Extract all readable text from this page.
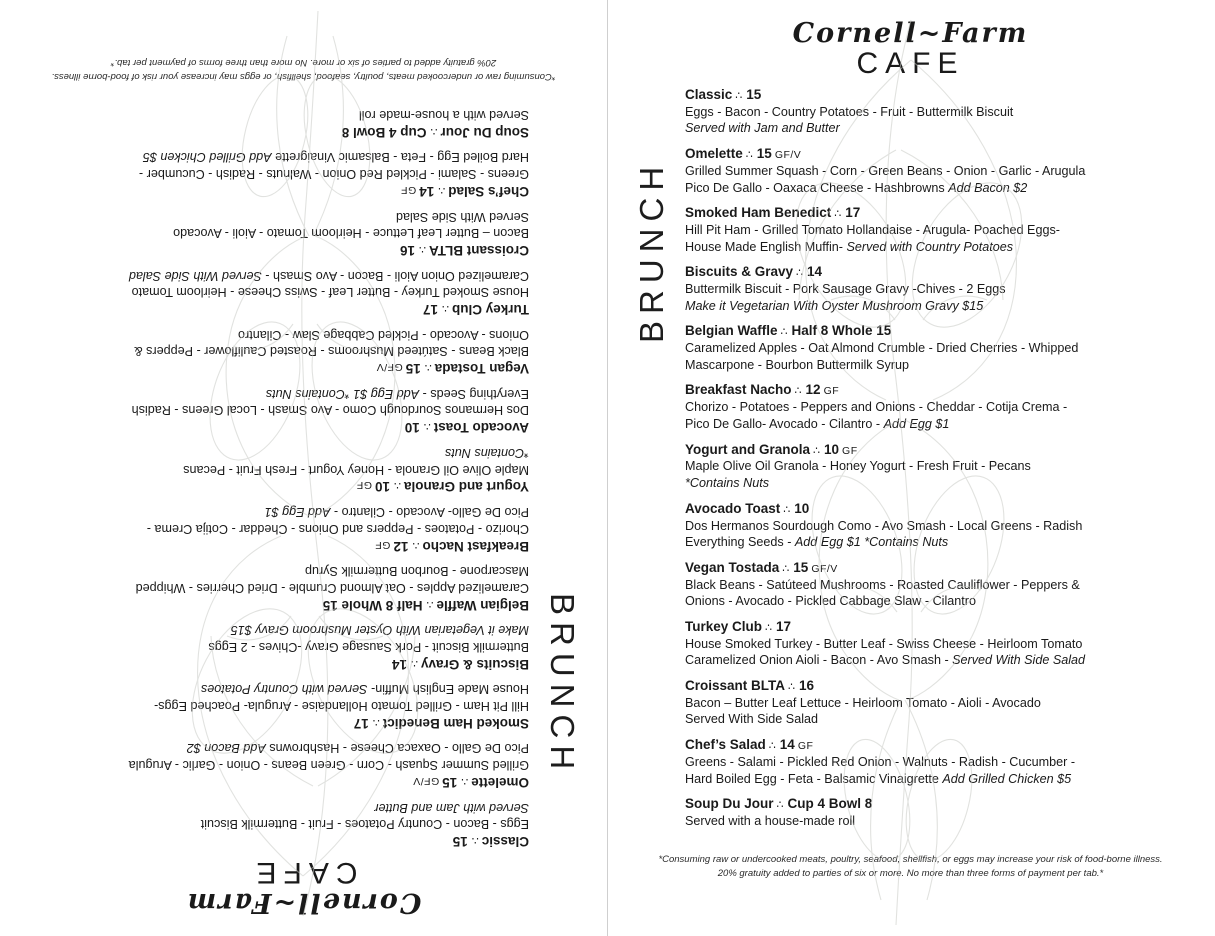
Cornell~Farm
CAFE
BRUNCH
Classic∴15
Eggs - Bacon - Country Potatoes - Fruit - Buttermilk Biscuit
Served with Jam and Butter
Omelette∴15GF/V
Grilled Summer Squash - Corn - Green Beans - Onion - Garlic - Arugula
Pico De Gallo - Oaxaca Cheese - Hashbrowns Add Bacon $2
Smoked Ham Benedict∴17
Hill Pit Ham - Grilled Tomato Hollandaise - Arugula- Poached Eggs-
House Made English Muffin- Served with Country Potatoes
Biscuits & Gravy∴14
Buttermilk Biscuit - Pork Sausage Gravy -Chives - 2 Eggs
Make it Vegetarian With Oyster Mushroom Gravy $15
Belgian Waffle∴Half 8 Whole 15
Caramelized Apples - Oat Almond Crumble - Dried Cherries - Whipped
Mascarpone - Bourbon Buttermilk Syrup
Breakfast Nacho∴12GF
Chorizo - Potatoes - Peppers and Onions - Cheddar - Cotija Crema -
Pico De Gallo- Avocado - Cilantro - Add Egg $1
Yogurt and Granola∴10GF
Maple Olive Oil Granola - Honey Yogurt - Fresh Fruit - Pecans
*Contains Nuts
Avocado Toast∴10
Dos Hermanos Sourdough Como - Avo Smash - Local Greens - Radish
Everything Seeds - Add Egg $1 *Contains Nuts
Vegan Tostada∴15GF/V
Black Beans - Satúteed Mushrooms - Roasted Cauliflower - Peppers &
Onions - Avocado - Pickled Cabbage Slaw - Cilantro
Turkey Club∴17
House Smoked Turkey - Butter Leaf - Swiss Cheese - Heirloom Tomato
Caramelized Onion Aioli - Bacon - Avo Smash - Served With Side Salad
Croissant BLTA∴16
Bacon – Butter Leaf Lettuce - Heirloom Tomato - Aioli - Avocado
Served With Side Salad
Chef’s Salad∴14GF
Greens - Salami - Pickled Red Onion - Walnuts - Radish - Cucumber -
Hard Boiled Egg - Feta - Balsamic Vinaigrette Add Grilled Chicken $5
Soup Du Jour∴Cup 4 Bowl 8
Served with a house-made roll
*Consuming raw or undercooked meats, poultry, seafood, shellfish, or eggs may increase your risk of food-borne illness.
20% gratuity added to parties of six or more. No more than three forms of payment per tab.*
Cornell~Farm
CAFE
BRUNCH
Classic ∴ 15
Eggs - Bacon - Country Potatoes - Fruit - Buttermilk Biscuit
Served with Jam and Butter
Omelette ∴ 15 GF/V
Grilled Summer Squash - Corn - Green Beans - Onion - Garlic - Arugula
Pico De Gallo - Oaxaca Cheese - Hashbrowns Add Bacon $2
Smoked Ham Benedict ∴ 17
Hill Pit Ham - Grilled Tomato Hollandaise - Arugula- Poached Eggs-
House Made English Muffin- Served with Country Potatoes
Biscuits & Gravy ∴ 14
Buttermilk Biscuit - Pork Sausage Gravy -Chives - 2 Eggs
Make it Vegetarian With Oyster Mushroom Gravy $15
Belgian Waffle ∴ Half 8 Whole 15
Caramelized Apples - Oat Almond Crumble - Dried Cherries - Whipped
Mascarpone - Bourbon Buttermilk Syrup
Breakfast Nacho ∴ 12 GF
Chorizo - Potatoes - Peppers and Onions - Cheddar - Cotija Crema -
Pico De Gallo- Avocado - Cilantro - Add Egg $1
Yogurt and Granola ∴ 10 GF
Maple Olive Oil Granola - Honey Yogurt - Fresh Fruit - Pecans
*Contains Nuts
Avocado Toast ∴ 10
Dos Hermanos Sourdough Como - Avo Smash - Local Greens - Radish
Everything Seeds - Add Egg $1 *Contains Nuts
Vegan Tostada ∴ 15 GF/V
Black Beans - Satúteed Mushrooms - Roasted Cauliflower - Peppers &
Onions - Avocado - Pickled Cabbage Slaw - Cilantro
Turkey Club ∴ 17
House Smoked Turkey - Butter Leaf - Swiss Cheese - Heirloom Tomato
Caramelized Onion Aioli - Bacon - Avo Smash - Served With Side Salad
Croissant BLTA ∴ 16
Bacon – Butter Leaf Lettuce - Heirloom Tomato - Aioli - Avocado
Served With Side Salad
Chef’s Salad ∴ 14 GF
Greens - Salami - Pickled Red Onion - Walnuts - Radish - Cucumber -
Hard Boiled Egg - Feta - Balsamic Vinaigrette Add Grilled Chicken $5
Soup Du Jour ∴ Cup 4 Bowl 8
Served with a house-made roll
*Consuming raw or undercooked meats, poultry, seafood, shellfish, or eggs may increase your risk of food-borne illness.
20% gratuity added to parties of six or more. No more than three forms of payment per tab.*
